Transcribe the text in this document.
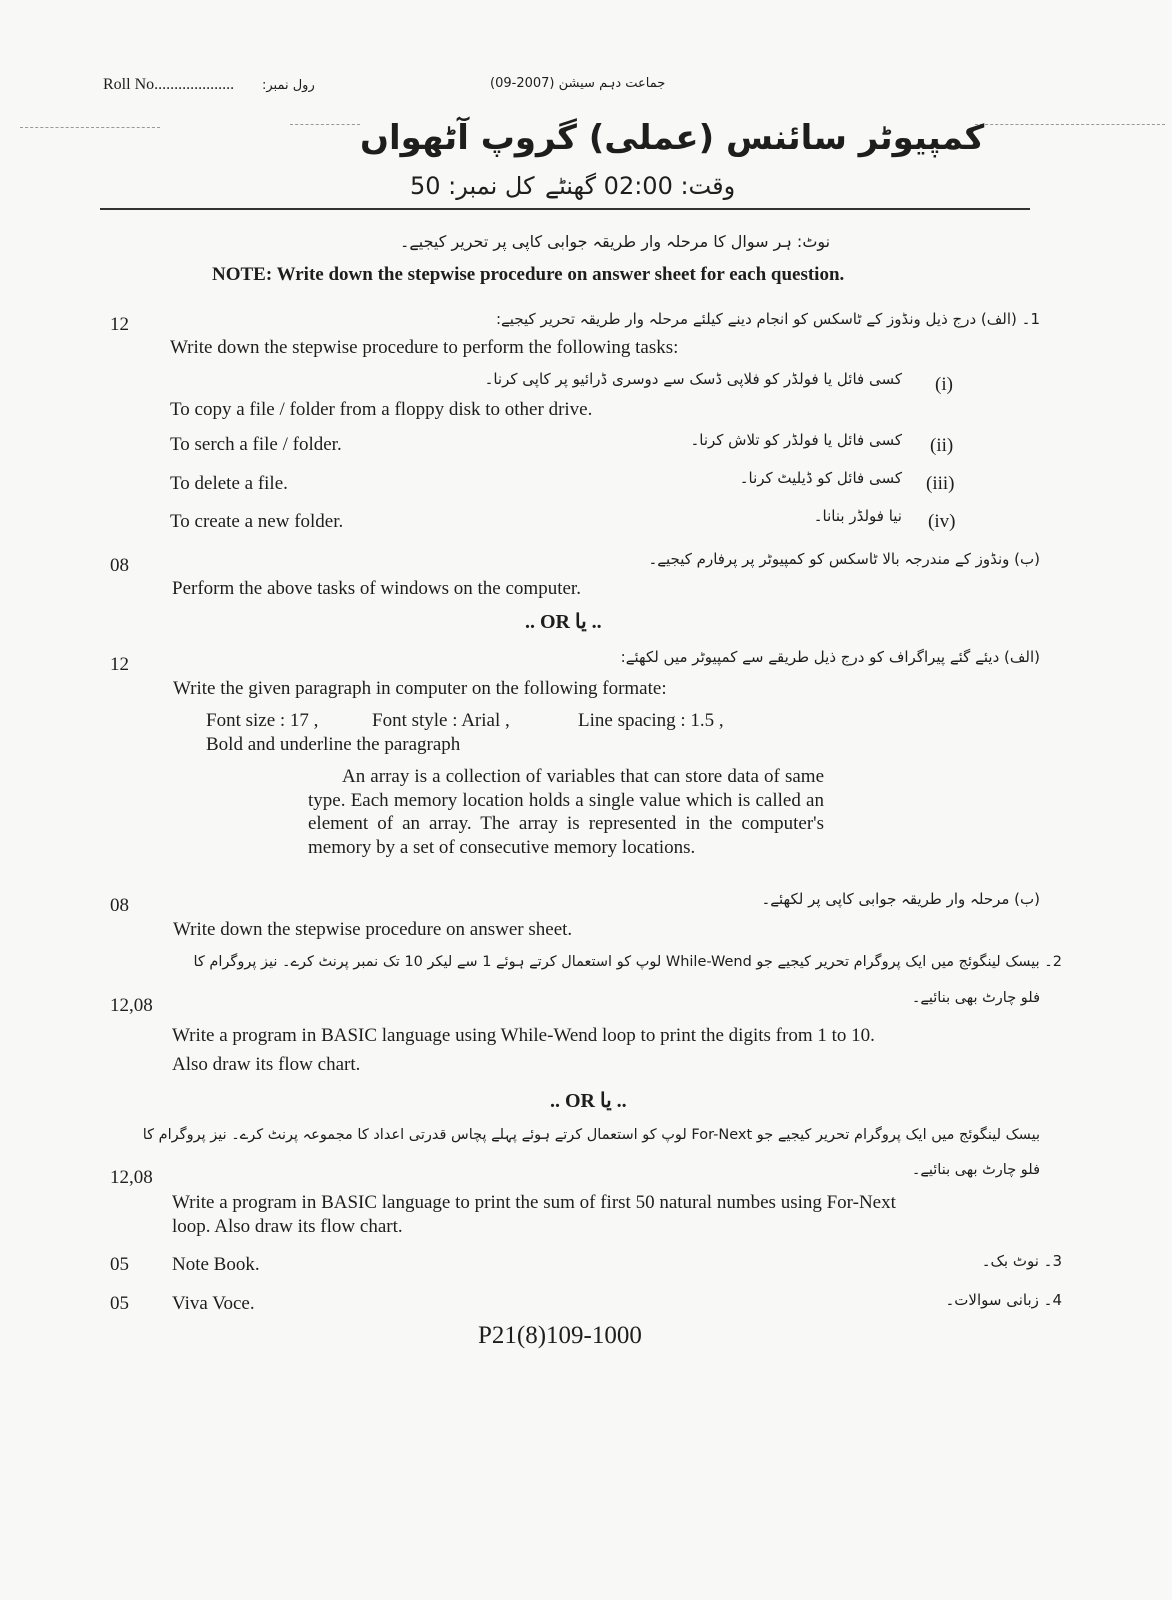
Roll No.................... رول نمبر:	جماعت دہم سیشن (2007-09)
کمپیوٹر سائنس (عملی) گروپ آٹھواں
وقت: 02:00 گھنٹے
کل نمبر: 50
نوٹ: ہر سوال کا مرحلہ وار طریقہ جوابی کاپی پر تحریر کیجیے۔
NOTE: Write down the stepwise procedure on answer sheet for each question.
12	1۔ (الف) درج ذیل ونڈوز کے ٹاسکس کو انجام دینے کیلئے مرحلہ وار طریقہ تحریر کیجیے:
Write down the stepwise procedure to perform the following tasks:
(i)
کسی فائل یا فولڈر کو فلاپی ڈسک سے دوسری ڈرائیو پر کاپی کرنا۔
To copy a file / folder from a floppy disk to other drive.
(ii)
کسی فائل یا فولڈر کو تلاش کرنا۔
To serch a file / folder.
(iii)
کسی فائل کو ڈیلیٹ کرنا۔
To delete a file.
(iv)
نیا فولڈر بنانا۔
To create a new folder.
08	(ب) ونڈوز کے مندرجہ بالا ٹاسکس کو کمپیوٹر پر پرفارم کیجیے۔
Perform the above tasks of windows on the computer.
.. OR یا ..
12	(الف) دیئے گئے پیراگراف کو درج ذیل طریقے سے کمپیوٹر میں لکھئے:
Write the given paragraph in computer on the following formate:
Font size : 17 ,	Font style : Arial ,	Line spacing : 1.5 ,
Bold and underline the paragraph

An array is a collection of variables that can store data of same type. Each memory location holds a single value which is called an element of an array. The array is represented in the computer's memory by a set of consecutive memory locations.

08	(ب) مرحلہ وار طریقہ جوابی کاپی پر لکھئے۔
Write down the stepwise procedure on answer sheet.
2۔ بیسک لینگوئج میں ایک پروگرام تحریر کیجیے جو While-Wend لوپ کو استعمال کرتے ہوئے 1 سے لیکر 10 تک نمبر پرنٹ کرے۔ نیز پروگرام کا
12,08	فلو چارٹ بھی بنائیے۔
Write a program in BASIC language using While-Wend loop to print the digits from 1 to 10.
Also draw its flow chart.
.. OR یا ..
بیسک لینگوئج میں ایک پروگرام تحریر کیجیے جو For-Next لوپ کو استعمال کرتے ہوئے پہلے پچاس قدرتی اعداد کا مجموعہ پرنٹ کرے۔ نیز پروگرام کا
12,08	فلو چارٹ بھی بنائیے۔
Write a program in BASIC language to print the sum of first 50 natural numbes using For-Next
loop. Also draw its flow chart.
05 Note Book.	3۔ نوٹ بک۔
05 Viva Voce.	4۔ زبانی سوالات۔
P21(8)109-1000
